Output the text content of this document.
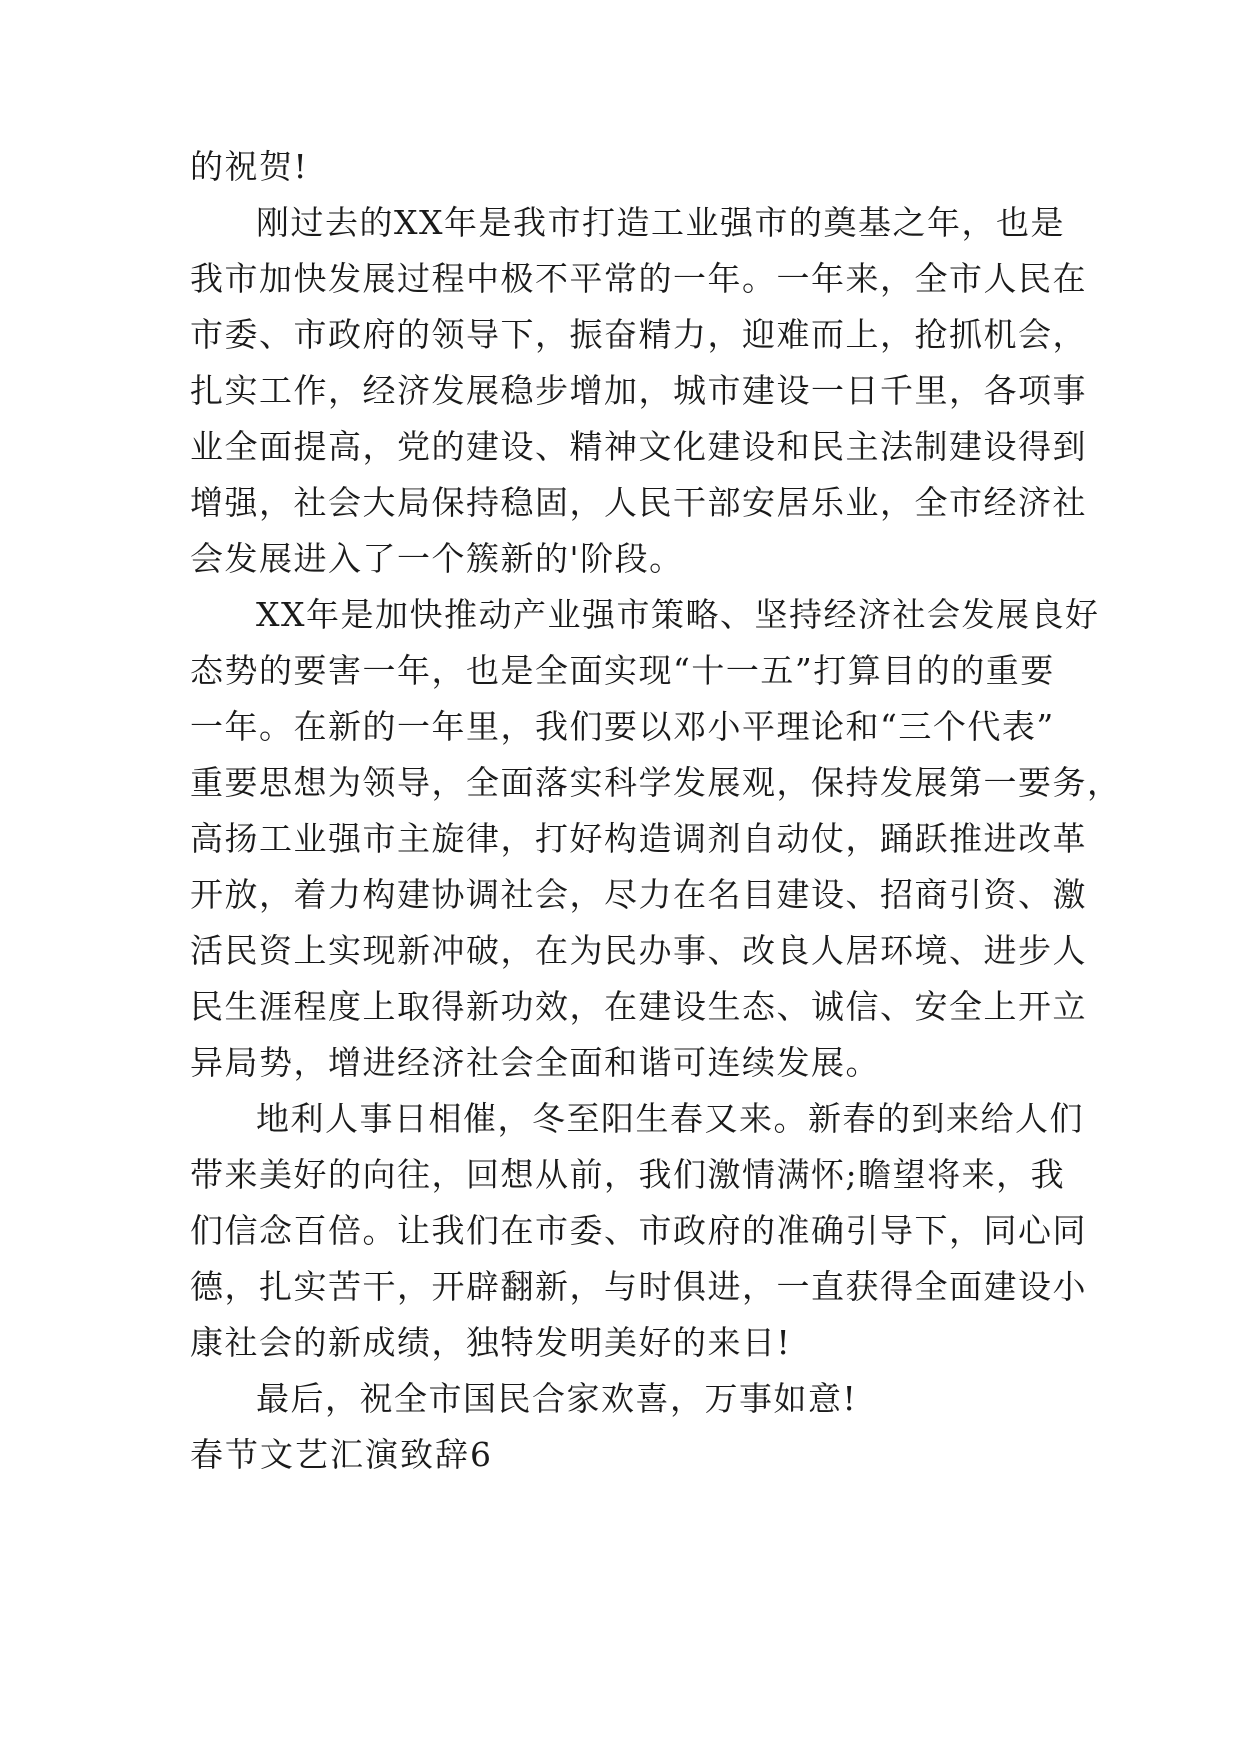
的祝贺!
刚过去的XX年是我市打造工业强市的奠基之年，也是
我市加快发展过程中极不平常的一年。一年来，全市人民在
市委、市政府的领导下，振奋精力，迎难而上，抢抓机会，
扎实工作，经济发展稳步增加，城市建设一日千里，各项事
业全面提高，党的建设、精神文化建设和民主法制建设得到
增强，社会大局保持稳固，人民干部安居乐业，全市经济社
会发展进入了一个簇新的'阶段。
XX年是加快推动产业强市策略、坚持经济社会发展良好
态势的要害一年，也是全面实现“十一五”打算目的的重要
一年。在新的一年里，我们要以邓小平理论和“三个代表”
重要思想为领导，全面落实科学发展观，保持发展第一要务，
高扬工业强市主旋律，打好构造调剂自动仗，踊跃推进改革
开放，着力构建协调社会，尽力在名目建设、招商引资、激
活民资上实现新冲破，在为民办事、改良人居环境、进步人
民生涯程度上取得新功效，在建设生态、诚信、安全上开立
异局势，增进经济社会全面和谐可连续发展。
地利人事日相催，冬至阳生春又来。新春的到来给人们
带来美好的向往，回想从前，我们激情满怀;瞻望将来，我
们信念百倍。让我们在市委、市政府的准确引导下，同心同
德，扎实苦干，开辟翻新，与时俱进，一直获得全面建设小
康社会的新成绩，独特发明美好的来日!
最后，祝全市国民合家欢喜，万事如意!
春节文艺汇演致辞6
